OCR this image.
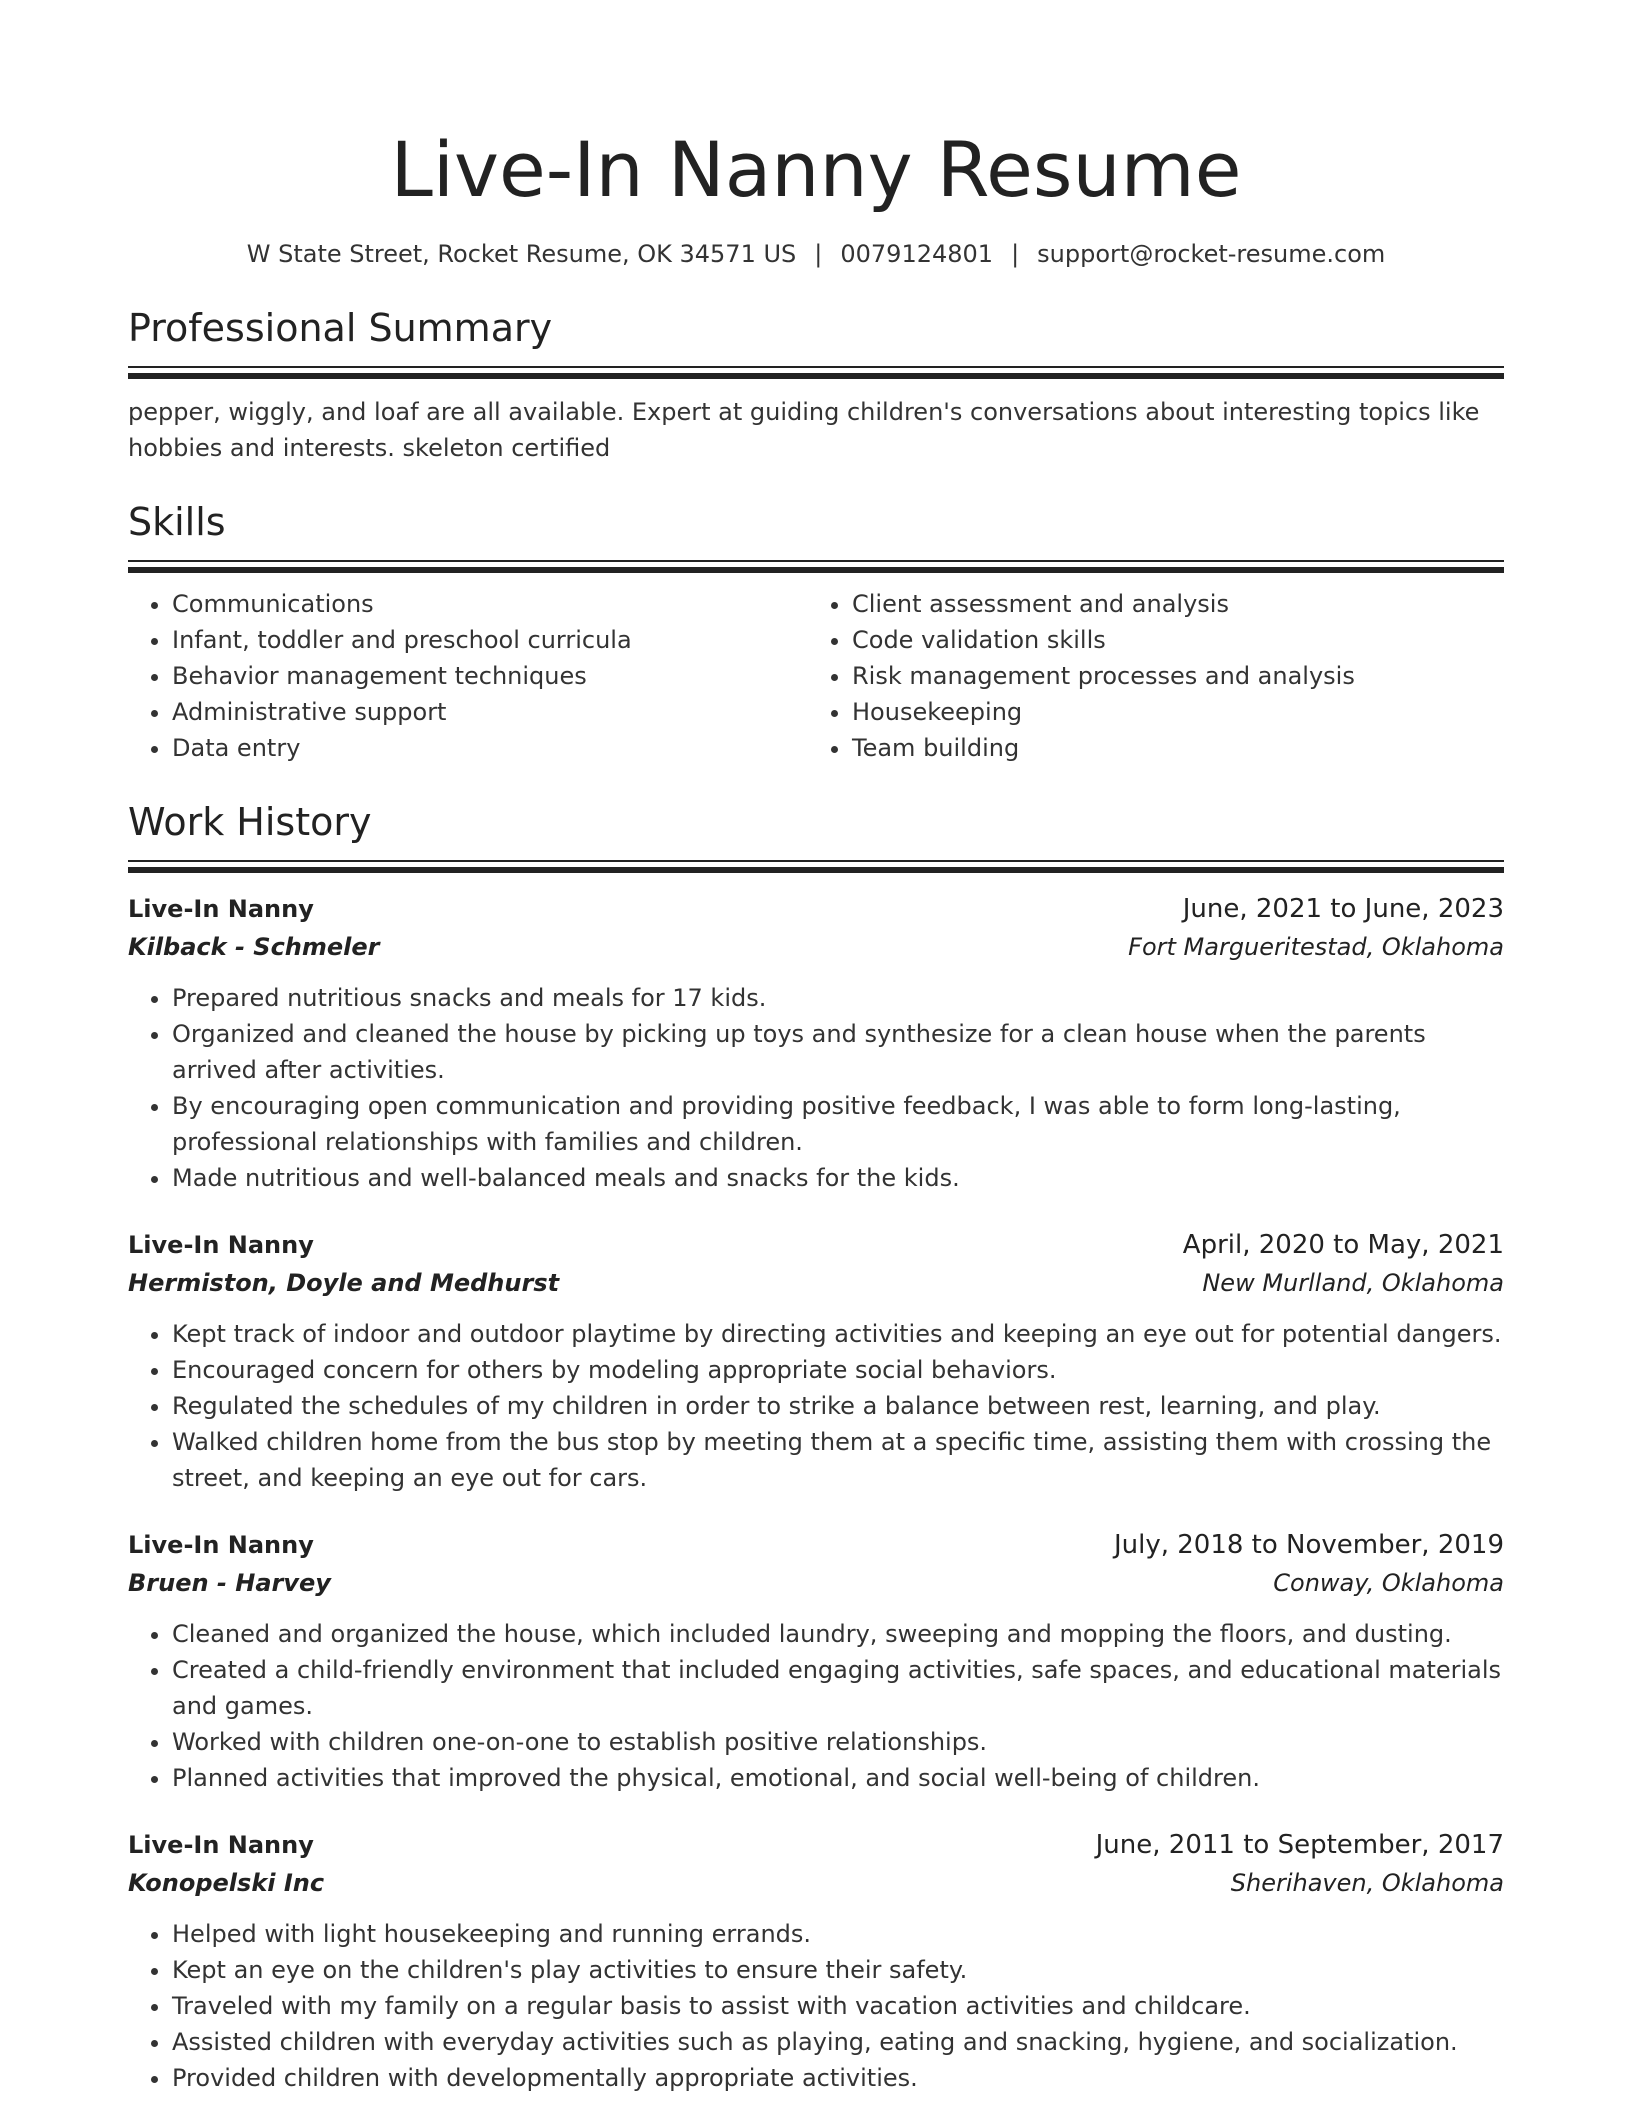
Live-In Nanny Resume
W State Street, Rocket Resume, OK 34571 US | 0079124801 | support@rocket-resume.com
Professional Summary
pepper, wiggly, and loaf are all available. Expert at guiding children's conversations about interesting topics like hobbies and interests. skeleton certified
Skills
• Communications
• Infant, toddler and preschool curricula
• Behavior management techniques
• Administrative support
• Data entry
• Client assessment and analysis
• Code validation skills
• Risk management processes and analysis
• Housekeeping
• Team building
Work History
Live-In Nanny	June, 2021 to June, 2023
Kilback - Schmeler	Fort Margueritestad, Oklahoma
• Prepared nutritious snacks and meals for 17 kids.
• Organized and cleaned the house by picking up toys and synthesize for a clean house when the parents arrived after activities.
• By encouraging open communication and providing positive feedback, I was able to form long-lasting, professional relationships with families and children.
• Made nutritious and well-balanced meals and snacks for the kids.
Live-In Nanny	April, 2020 to May, 2021
Hermiston, Doyle and Medhurst	New Murlland, Oklahoma
• Kept track of indoor and outdoor playtime by directing activities and keeping an eye out for potential dangers.
• Encouraged concern for others by modeling appropriate social behaviors.
• Regulated the schedules of my children in order to strike a balance between rest, learning, and play.
• Walked children home from the bus stop by meeting them at a specific time, assisting them with crossing the street, and keeping an eye out for cars.
Live-In Nanny	July, 2018 to November, 2019
Bruen - Harvey	Conway, Oklahoma
• Cleaned and organized the house, which included laundry, sweeping and mopping the floors, and dusting.
• Created a child-friendly environment that included engaging activities, safe spaces, and educational materials and games.
• Worked with children one-on-one to establish positive relationships.
• Planned activities that improved the physical, emotional, and social well-being of children.
Live-In Nanny	June, 2011 to September, 2017
Konopelski Inc	Sherihaven, Oklahoma
• Helped with light housekeeping and running errands.
• Kept an eye on the children's play activities to ensure their safety.
• Traveled with my family on a regular basis to assist with vacation activities and childcare.
• Assisted children with everyday activities such as playing, eating and snacking, hygiene, and socialization.
• Provided children with developmentally appropriate activities.
